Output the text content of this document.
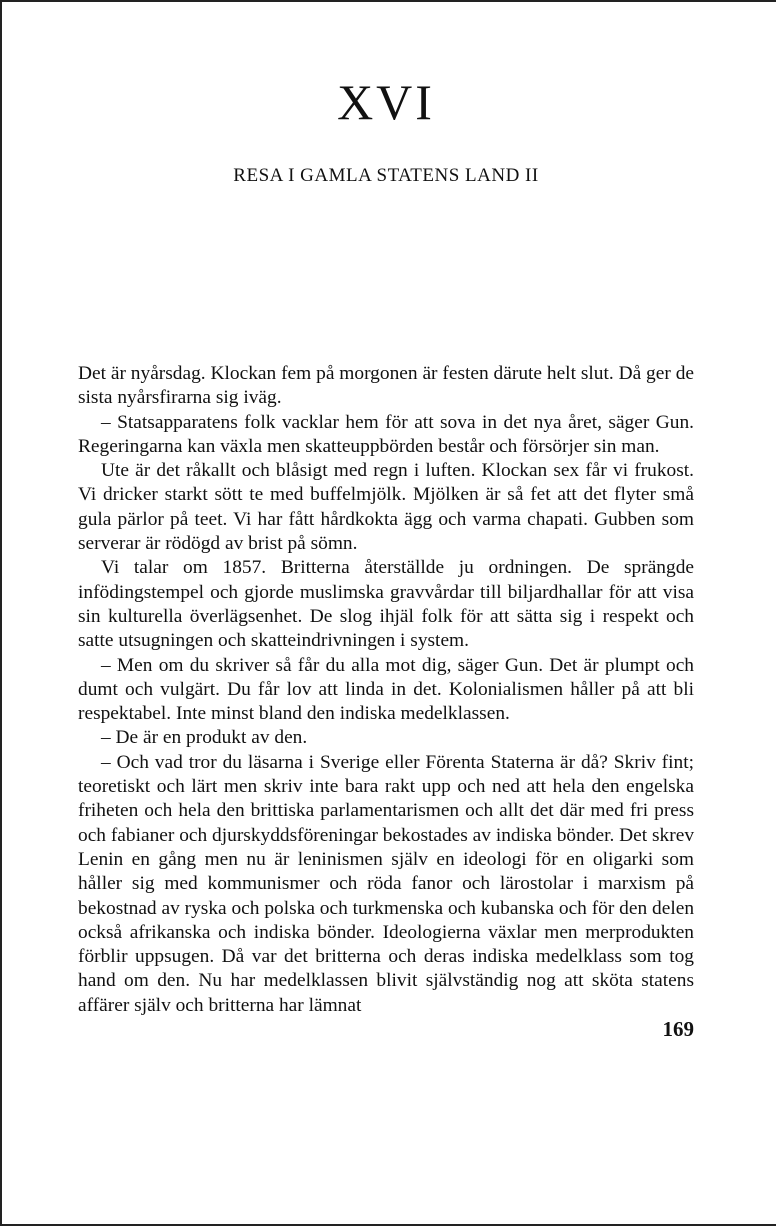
XVI
RESA I GAMLA STATENS LAND II

Det är nyårsdag. Klockan fem på morgonen är festen därute helt slut. Då ger de sista nyårsfirarna sig iväg.

– Statsapparatens folk vacklar hem för att sova in det nya året, säger Gun. Regeringarna kan växla men skatteuppbörden består och försörjer sin man.

Ute är det råkallt och blåsigt med regn i luften. Klockan sex får vi frukost. Vi dricker starkt sött te med buffelmjölk. Mjölken är så fet att det flyter små gula pärlor på teet. Vi har fått hårdkokta ägg och varma chapati. Gubben som serverar är rödögd av brist på sömn.

Vi talar om 1857. Britterna återställde ju ordningen. De sprängde infödingstempel och gjorde muslimska gravvårdar till biljardhallar för att visa sin kulturella överlägsenhet. De slog ihjäl folk för att sätta sig i respekt och satte utsugningen och skatteindrivningen i system.

– Men om du skriver så får du alla mot dig, säger Gun. Det är plumpt och dumt och vulgärt. Du får lov att linda in det. Kolonialismen håller på att bli respektabel. Inte minst bland den indiska medelklassen.

– De är en produkt av den.

– Och vad tror du läsarna i Sverige eller Förenta Staterna är då? Skriv fint; teoretiskt och lärt men skriv inte bara rakt upp och ned att hela den engelska friheten och hela den brittiska parlamentarismen och allt det där med fri press och fabianer och djurskyddsföreningar bekostades av indiska bönder. Det skrev Lenin en gång men nu är leninismen själv en ideologi för en oligarki som håller sig med kommunismer och röda fanor och lärostolar i marxism på bekostnad av ryska och polska och turkmenska och kubanska och för den delen också afrikanska och indiska bönder. Ideologierna växlar men merprodukten förblir uppsugen. Då var det britterna och deras indiska medelklass som tog hand om den. Nu har medelklassen blivit självständig nog att sköta statens affärer själv och britterna har lämnat

169
